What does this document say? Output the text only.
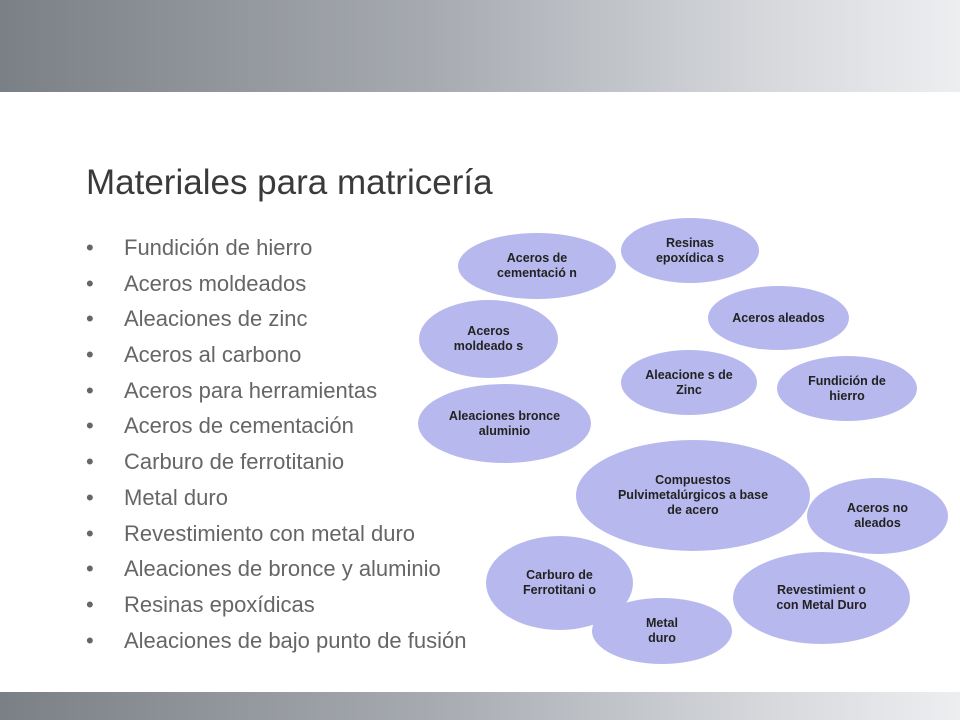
Materiales para matricería
• Fundición de hierro
• Aceros moldeados
• Aleaciones de zinc
• Aceros al carbono
• Aceros para herramientas
• Aceros de cementación
• Carburo de ferrotitanio
• Metal duro
• Revestimiento con metal duro
• Aleaciones de bronce y aluminio
• Resinas epoxídicas
• Aleaciones de bajo punto de fusión
Resinas epoxídica s
Aceros de cementació n
Aceros aleados
Aceros moldeado s
Aleacione s de Zinc
Fundición de hierro
Aleaciones bronce aluminio
Compuestos Pulvimetalúrgicos a base de acero	Aceros no aleados
Carburo de Ferrotitani o	Revestimient o con Metal Duro
Metal duro
